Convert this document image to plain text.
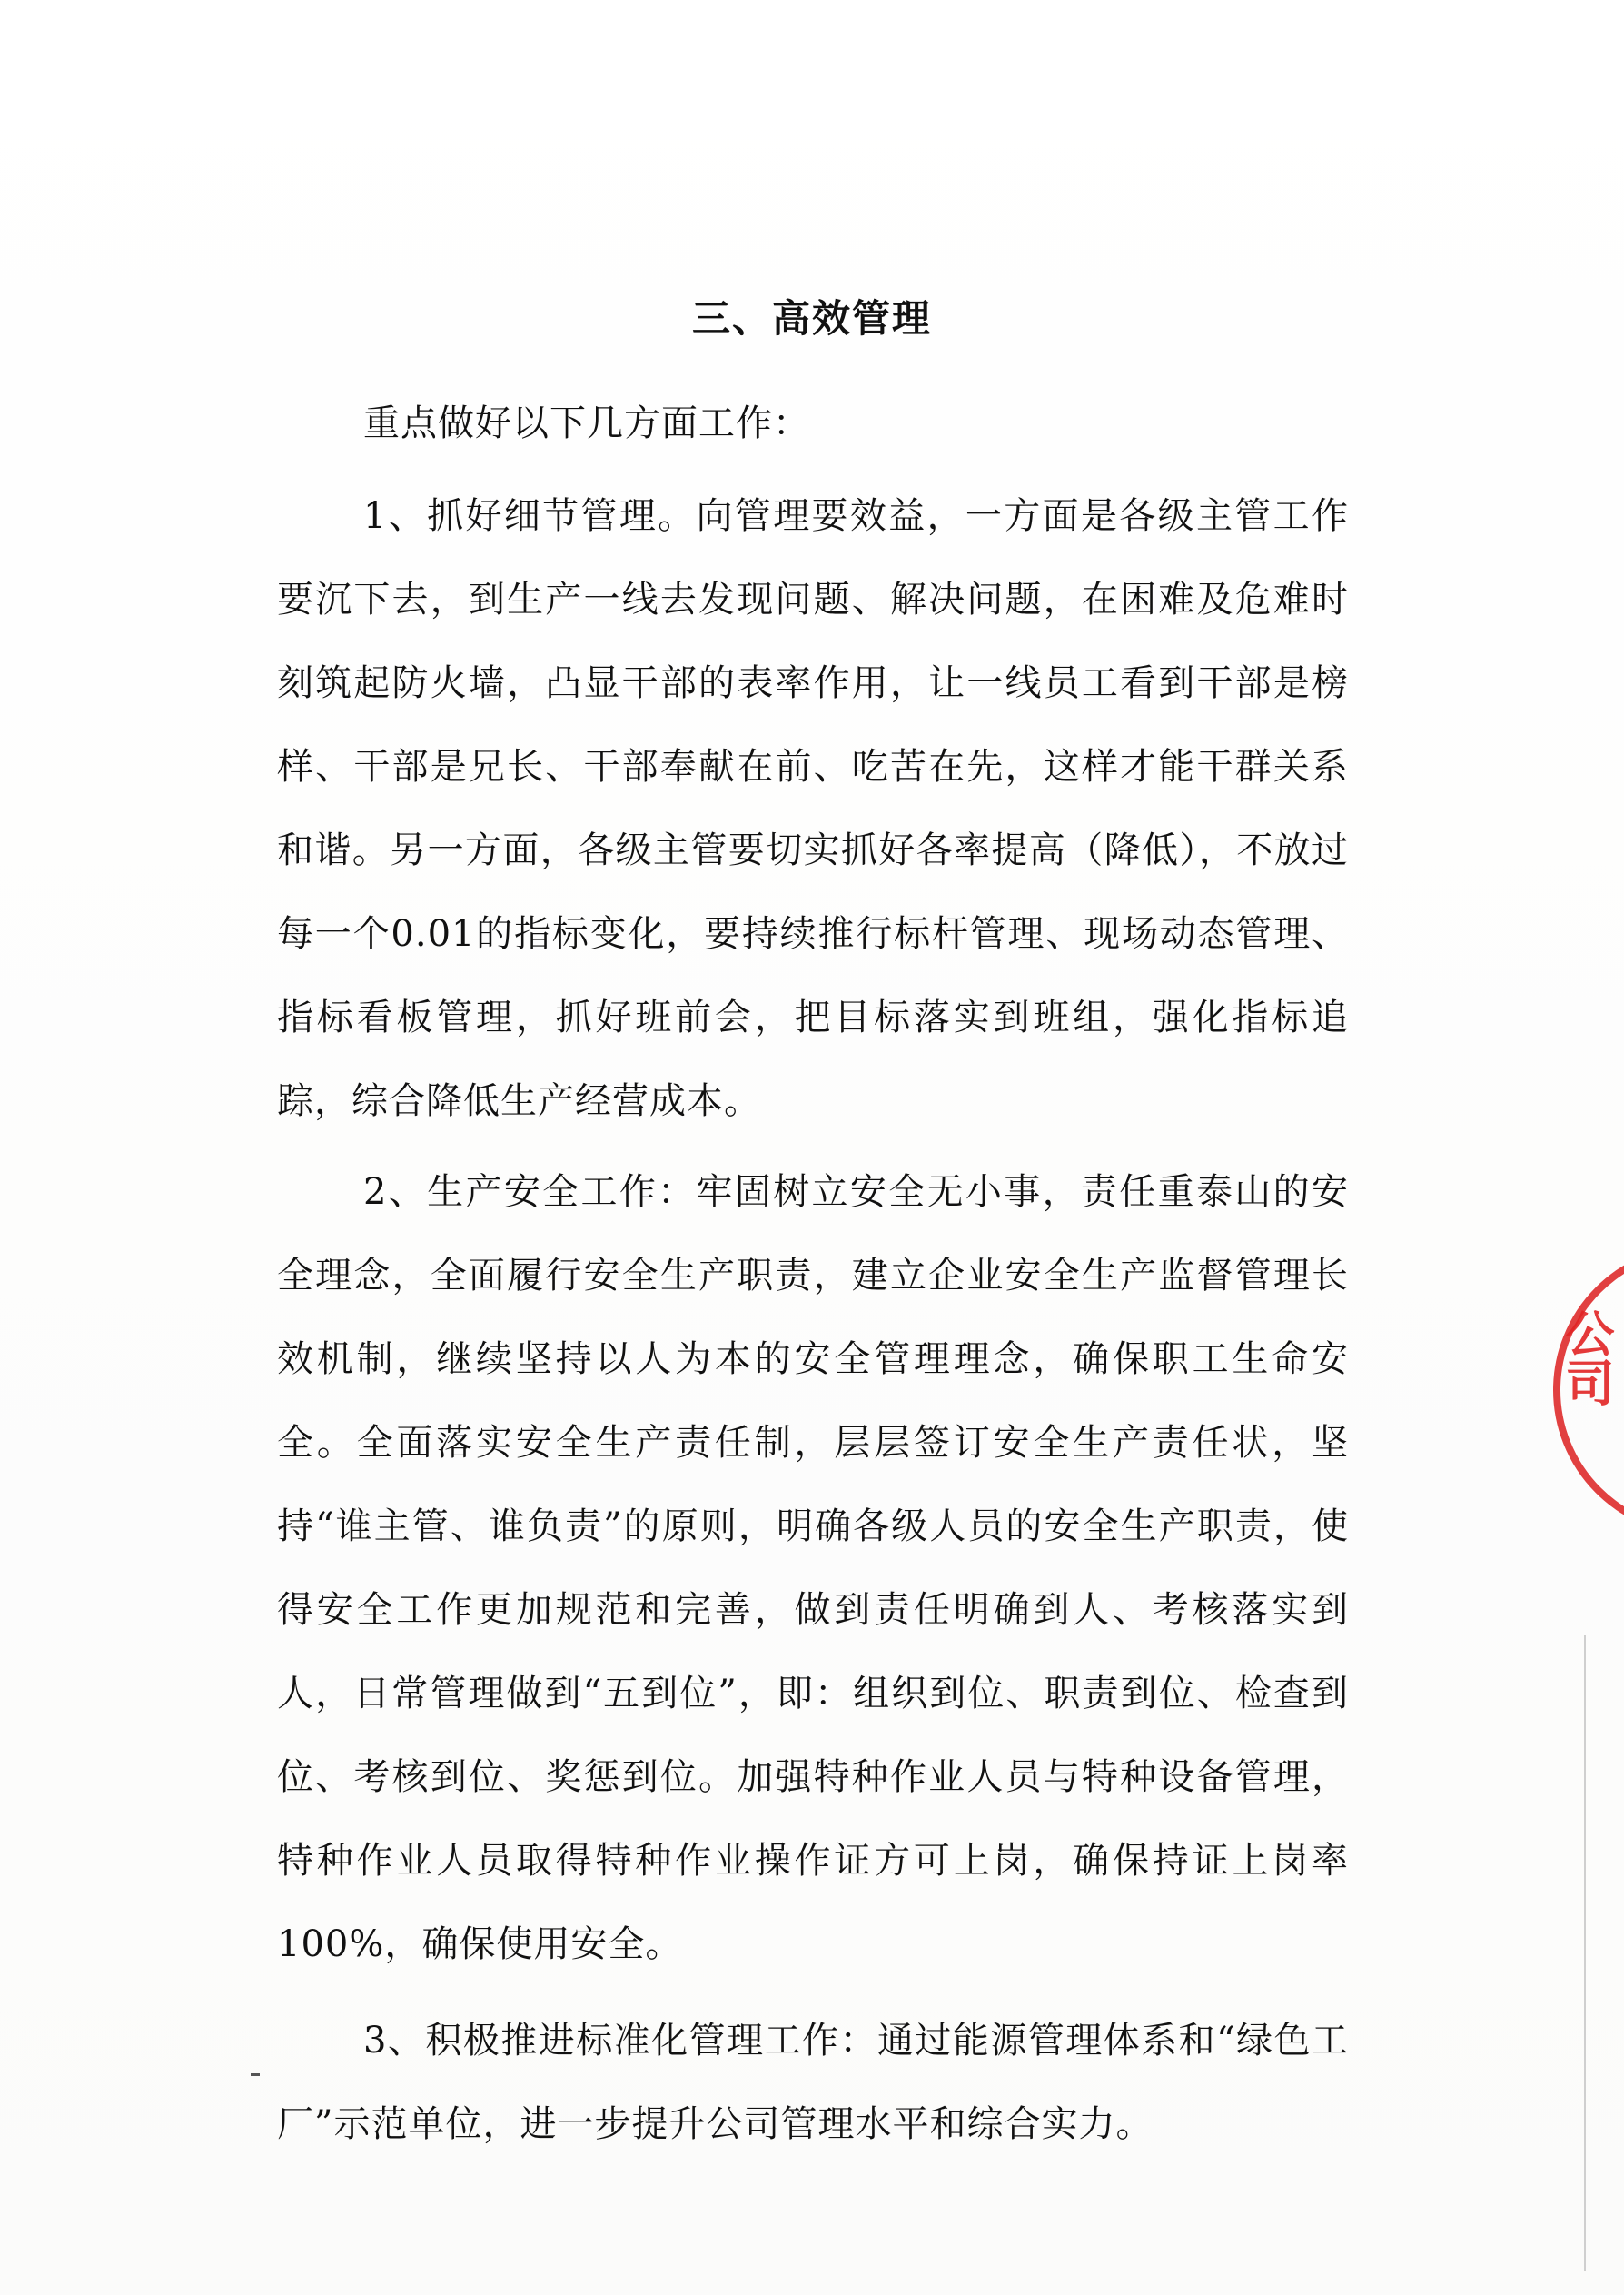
公司
三、高效管理

重点做好以下几方面工作：

1、抓好细节管理。向管理要效益，一方面是各级主管工作要沉下去，到生产一线去发现问题、解决问题，在困难及危难时刻筑起防火墙，凸显干部的表率作用，让一线员工看到干部是榜样、干部是兄长、干部奉献在前、吃苦在先，这样才能干群关系和谐。另一方面，各级主管要切实抓好各率提高（降低），不放过每一个0.01的指标变化，要持续推行标杆管理、现场动态管理、指标看板管理，抓好班前会，把目标落实到班组，强化指标追踪，综合降低生产经营成本。

2、生产安全工作：牢固树立安全无小事，责任重泰山的安全理念，全面履行安全生产职责，建立企业安全生产监督管理长效机制，继续坚持以人为本的安全管理理念，确保职工生命安全。全面落实安全生产责任制，层层签订安全生产责任状，坚持“谁主管、谁负责”的原则，明确各级人员的安全生产职责，使得安全工作更加规范和完善，做到责任明确到人、考核落实到人，日常管理做到“五到位”，即：组织到位、职责到位、检查到位、考核到位、奖惩到位。加强特种作业人员与特种设备管理，特种作业人员取得特种作业操作证方可上岗，确保持证上岗率100%，确保使用安全。

3、积极推进标准化管理工作：通过能源管理体系和“绿色工厂”示范单位，进一步提升公司管理水平和综合实力。
